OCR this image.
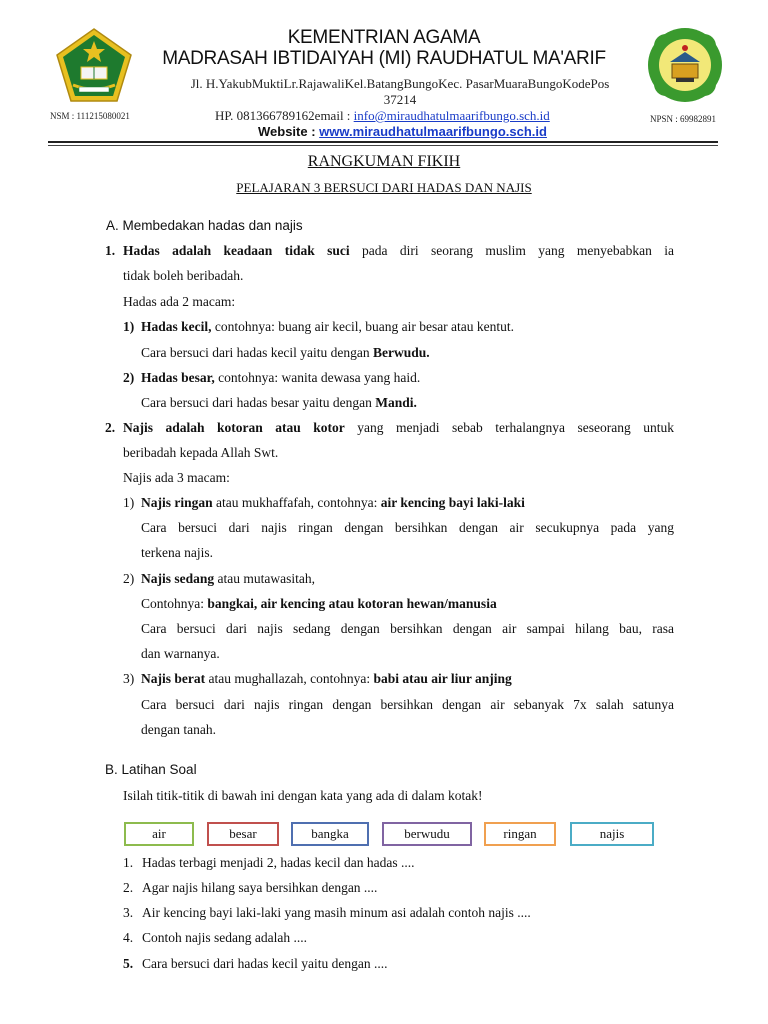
KEMENTRIAN AGAMA
MADRASAH IBTIDAIYAH (MI) RAUDHATUL MA'ARIF
Jl. H.YakubMuktiLr.RajawaliKel.BatangBungoKec. PasarMuaraBungoKodePos
37214
HP. 081366789162email : info@miraudhatulmaarifbungo.sch.id
Website : www.miraudhatulmaarifbungo.sch.id
NSM : 111215080021	NPSN : 69982891
RANGKUMAN FIKIH
PELAJARAN 3 BERSUCI DARI HADAS DAN NAJIS
A. Membedakan hadas dan najis
1. Hadas adalah keadaan tidak suci pada diri seorang muslim yang menyebabkan ia
tidak boleh beribadah.
Hadas ada 2 macam:
1) Hadas kecil, contohnya: buang air kecil, buang air besar atau kentut.
Cara bersuci dari hadas kecil yaitu dengan Berwudu.
2) Hadas besar, contohnya: wanita dewasa yang haid.
Cara bersuci dari hadas besar yaitu dengan Mandi.
2. Najis adalah kotoran atau kotor yang menjadi sebab terhalangnya seseorang untuk
beribadah kepada Allah Swt.
Najis ada 3 macam:
1) Najis ringan atau mukhaffafah, contohnya: air kencing bayi laki-laki
Cara bersuci dari najis ringan dengan bersihkan dengan air secukupnya pada yang
terkena najis.
2) Najis sedang atau mutawasitah,
Contohnya: bangkai, air kencing atau kotoran hewan/manusia
Cara bersuci dari najis sedang dengan bersihkan dengan air sampai hilang bau, rasa
dan warnanya.
3) Najis berat atau mughallazah, contohnya: babi atau air liur anjing
Cara bersuci dari najis ringan dengan bersihkan dengan air sebanyak 7x salah satunya
dengan tanah.
B. Latihan Soal
Isilah titik-titik di bawah ini dengan kata yang ada di dalam kotak!
air	besar	bangka	berwudu	ringan	najis
1. Hadas terbagi menjadi 2, hadas kecil dan hadas ....
2. Agar najis hilang saya bersihkan dengan ....
3. Air kencing bayi laki-laki yang masih minum asi adalah contoh najis ....
4. Contoh najis sedang adalah ....
5. Cara bersuci dari hadas kecil yaitu dengan ....
